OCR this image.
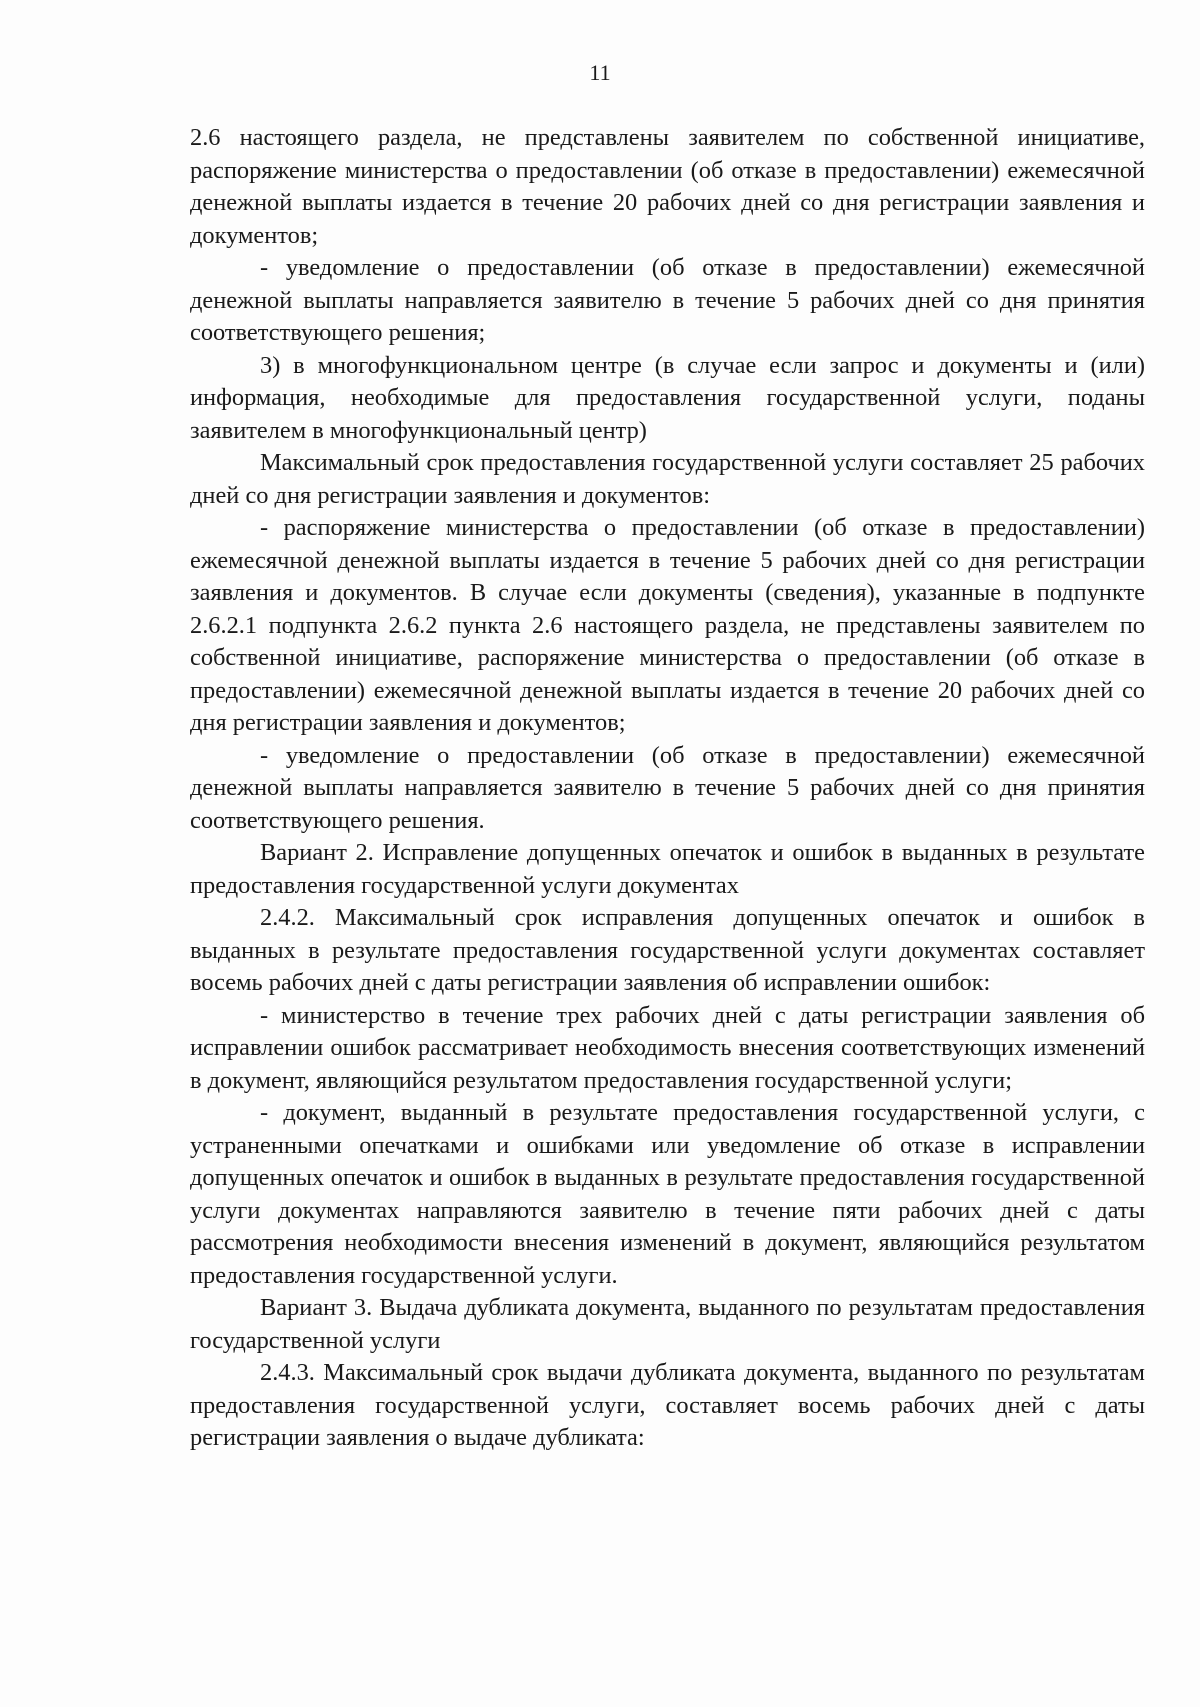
11

2.6 настоящего раздела, не представлены заявителем по собственной инициативе, распоряжение министерства о предоставлении (об отказе в предоставлении) ежемесячной денежной выплаты издается в течение 20 рабочих дней со дня регистрации заявления и документов;

- уведомление о предоставлении (об отказе в предоставлении) ежемесячной денежной выплаты направляется заявителю в течение 5 рабочих дней со дня принятия соответствующего решения;

3) в многофункциональном центре (в случае если запрос и документы и (или) информация, необходимые для предоставления государственной услуги, поданы заявителем в многофункциональный центр)

Максимальный срок предоставления государственной услуги составляет 25 рабочих дней со дня регистрации заявления и документов:

- распоряжение министерства о предоставлении (об отказе в предоставлении) ежемесячной денежной выплаты издается в течение 5 рабочих дней со дня регистрации заявления и документов. В случае если документы (сведения), указанные в подпункте 2.6.2.1 подпункта 2.6.2 пункта 2.6 настоящего раздела, не представлены заявителем по собственной инициативе, распоряжение министерства о предоставлении (об отказе в предоставлении) ежемесячной денежной выплаты издается в течение 20 рабочих дней со дня регистрации заявления и документов;

- уведомление о предоставлении (об отказе в предоставлении) ежемесячной денежной выплаты направляется заявителю в течение 5 рабочих дней со дня принятия соответствующего решения.

Вариант 2. Исправление допущенных опечаток и ошибок в выданных в результате предоставления государственной услуги документах

2.4.2. Максимальный срок исправления допущенных опечаток и ошибок в выданных в результате предоставления государственной услуги документах составляет восемь рабочих дней с даты регистрации заявления об исправлении ошибок:

- министерство в течение трех рабочих дней с даты регистрации заявления об исправлении ошибок рассматривает необходимость внесения соответствующих изменений в документ, являющийся результатом предоставления государственной услуги;

- документ, выданный в результате предоставления государственной услуги, с устраненными опечатками и ошибками или уведомление об отказе в исправлении допущенных опечаток и ошибок в выданных в результате предоставления государственной услуги документах направляются заявителю в течение пяти рабочих дней с даты рассмотрения необходимости внесения изменений в документ, являющийся результатом предоставления государственной услуги.

Вариант 3. Выдача дубликата документа, выданного по результатам предоставления государственной услуги

2.4.3. Максимальный срок выдачи дубликата документа, выданного по результатам предоставления государственной услуги, составляет восемь рабочих дней с даты регистрации заявления о выдаче дубликата:
